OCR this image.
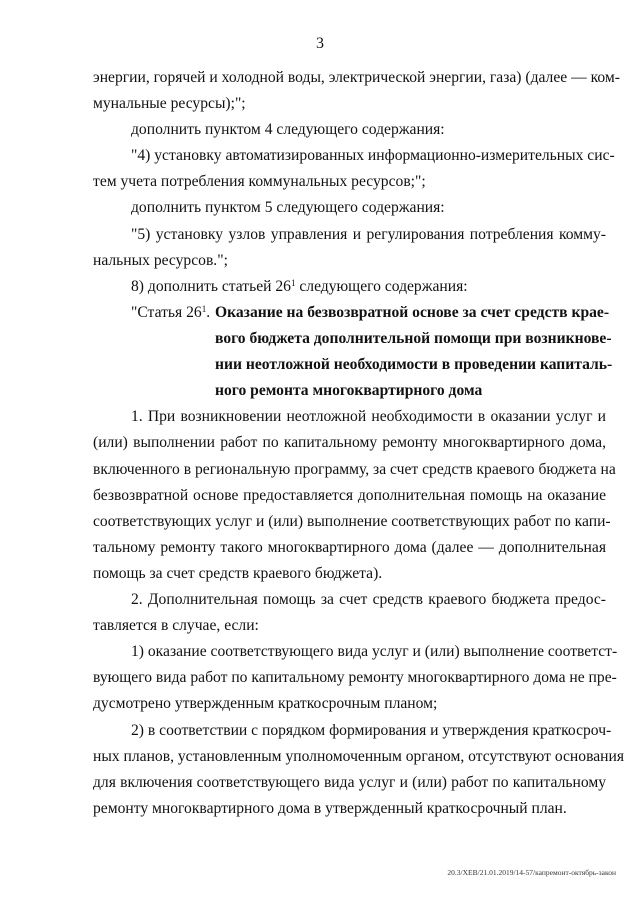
3
энергии, горячей и холодной воды, электрической энергии, газа) (далее — ком-
мунальные ресурсы);";
дополнить пунктом 4 следующего содержания:
"4) установку автоматизированных информационно-измерительных сис-
тем учета потребления коммунальных ресурсов;";
дополнить пунктом 5 следующего содержания:
"5) установку узлов управления и регулирования потребления комму-
нальных ресурсов.";
8) дополнить статьей $26^1$ следующего содержания:
"Статья $26^1$. Оказание на безвозвратной основе за счет средств крае-
вого бюджета дополнительной помощи при возникнове-
нии неотложной необходимости в проведении капиталь-
ного ремонта многоквартирного дома
1. При возникновении неотложной необходимости в оказании услуг и
(или) выполнении работ по капитальному ремонту многоквартирного дома,
включенного в региональную программу, за счет средств краевого бюджета на
безвозвратной основе предоставляется дополнительная помощь на оказание
соответствующих услуг и (или) выполнение соответствующих работ по капи-
тальному ремонту такого многоквартирного дома (далее — дополнительная
помощь за счет средств краевого бюджета).
2. Дополнительная помощь за счет средств краевого бюджета предос-
тавляется в случае, если:
1) оказание соответствующего вида услуг и (или) выполнение соответст-
вующего вида работ по капитальному ремонту многоквартирного дома не пре-
дусмотрено утвержденным краткосрочным планом;
2) в соответствии с порядком формирования и утверждения краткосроч-
ных планов, установленным уполномоченным органом, отсутствуют основания
для включения соответствующего вида услуг и (или) работ по капитальному
ремонту многоквартирного дома в утвержденный краткосрочный план.
20.3/ХЕВ/21.01.2019/14-57/капремонт-октябрь-закон
